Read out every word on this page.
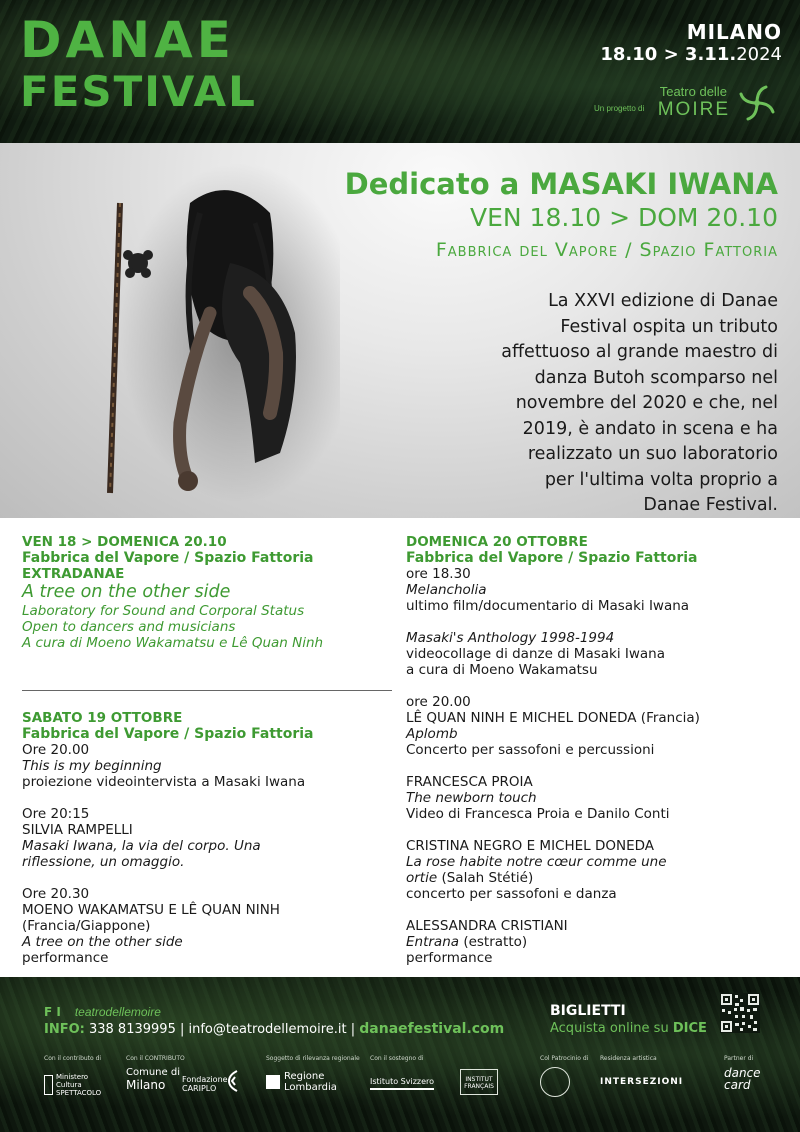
DANAE
FESTIVAL
MILANO
18.10 > 3.11.2024
Un progetto di
Teatro delle
MOIRE
Dedicato a MASAKI IWANA
VEN 18.10 > DOM 20.10
Fabbrica del Vapore / Spazio Fattoria
La XXVI edizione di Danae
Festival ospita un tributo
affettuoso al grande maestro di
danza Butoh scomparso nel
novembre del 2020 e che, nel
2019, è andato in scena e ha
realizzato un suo laboratorio
per l'ultima volta proprio a
Danae Festival.
VEN 18 > DOMENICA 20.10
Fabbrica del Vapore / Spazio Fattoria
EXTRADANAE
A tree on the other side
Laboratory for Sound and Corporal Status
Open to dancers and musicians
A cura di Moeno Wakamatsu e Lê Quan Ninh
SABATO 19 OTTOBRE
Fabbrica del Vapore / Spazio Fattoria
Ore 20.00
This is my beginning
proiezione videointervista a Masaki Iwana
Ore 20:15
SILVIA RAMPELLI
Masaki Iwana, la via del corpo. Una
riflessione, un omaggio.
Ore 20.30
MOENO WAKAMATSU E LÊ QUAN NINH
(Francia/Giappone)
A tree on the other side
performance
DOMENICA 20 OTTOBRE
Fabbrica del Vapore / Spazio Fattoria
ore 18.30
Melancholia
ultimo film/documentario di Masaki Iwana
Masaki's Anthology 1998-1994
videocollage di danze di Masaki Iwana
a cura di Moeno Wakamatsu
ore 20.00
LÊ QUAN NINH E MICHEL DONEDA (Francia)
Aplomb
Concerto per sassofoni e percussioni
FRANCESCA PROIA
The newborn touch
Video di Francesca Proia e Danilo Conti
CRISTINA NEGRO E MICHEL DONEDA
La rose habite notre cœur comme une
ortie (Salah Stétié)
concerto per sassofoni e danza
ALESSANDRA CRISTIANI
Entrana (estratto)
performance
F I teatrodellemoire
INFO: 338 8139995 | info@teatrodellemoire.it | danaefestival.com
BIGLIETTI
Acquista online su DICE
Con il contributo di	Con il CONTRIBUTO	Soggetto di rilevanza regionale Con il sostegno di	Col Patrocinio di Residenza artistica	Partner di
Ministero
Cultura
SPETTACOLO
Comune di
Milano	Fondazione
CARIPLO
Regione
Lombardia
Istituto Svizzero	INSTITUT
FRANÇAIS	INTERSEZIONI
dance
card
